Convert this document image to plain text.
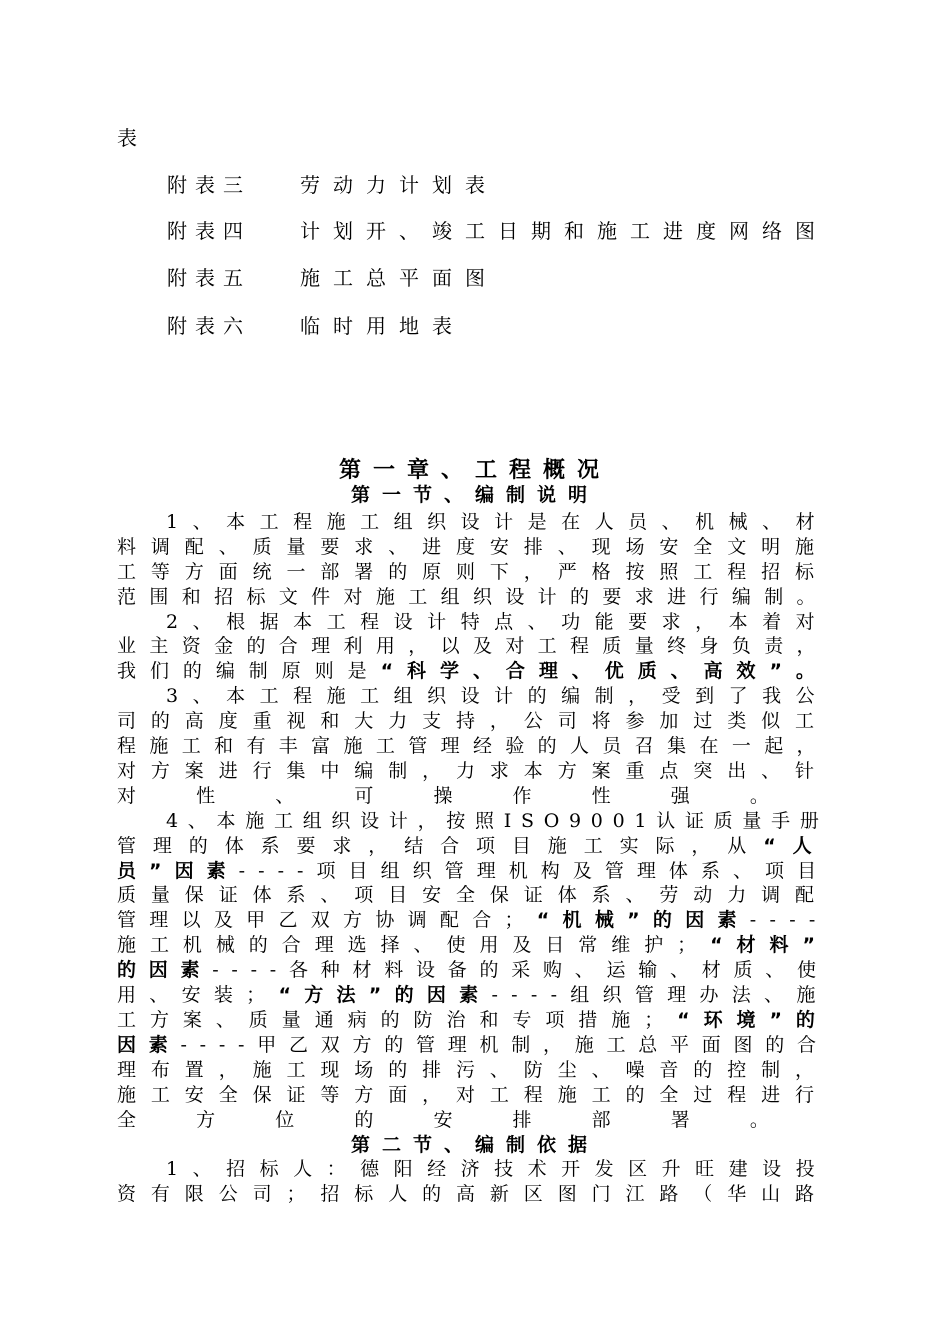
表
附表三 劳动力计划表
附表四 计划开、竣工日期和施工进度网络图
附表五 施工总平面图
附表六 临时用地表
第一章、工程概况
第一节、编制说明
1、本工程施工组织设计是在人员、机械、材
料调配、质量要求、进度安排、现场安全文明施
工等方面统一部署的原则下，严格按照工程招标
范围和招标文件对施工组织设计的要求进行编制。
2、根据本工程设计特点、功能要求，本着对
业主资金的合理利用，以及对工程质量终身负责，
我们的编制原则是“科学、合理、优质、高效”。
3、本工程施工组织设计的编制，受到了我公
司的高度重视和大力支持，公司将参加过类似工
程施工和有丰富施工管理经验的人员召集在一起，
对方案进行集中编制，力求本方案重点突出、针
对性、可操作性强。
4、本施工组织设计，按照ISO9001认证质量手册
管理的体系要求，结合项目施工实际，从“人
员”因素----项目组织管理机构及管理体系、项目
质量保证体系、项目安全保证体系、劳动力调配
管理以及甲乙双方协调配合；“机械”的因素----
施工机械的合理选择、使用及日常维护；“材料”
的因素----各种材料设备的采购、运输、材质、使
用、安装；“方法”的因素----组织管理办法、施
工方案、质量通病的防治和专项措施；“环境”的
因素----甲乙双方的管理机制，施工总平面图的合
理布置，施工现场的排污、防尘、噪音的控制，
施工安全保证等方面，对工程施工的全过程进行
全方位的安排部署。
第二节、编制依据
1、招标人：德阳经济技术开发区升旺建设投
资有限公司；招标人的高新区图门江路（华山路
